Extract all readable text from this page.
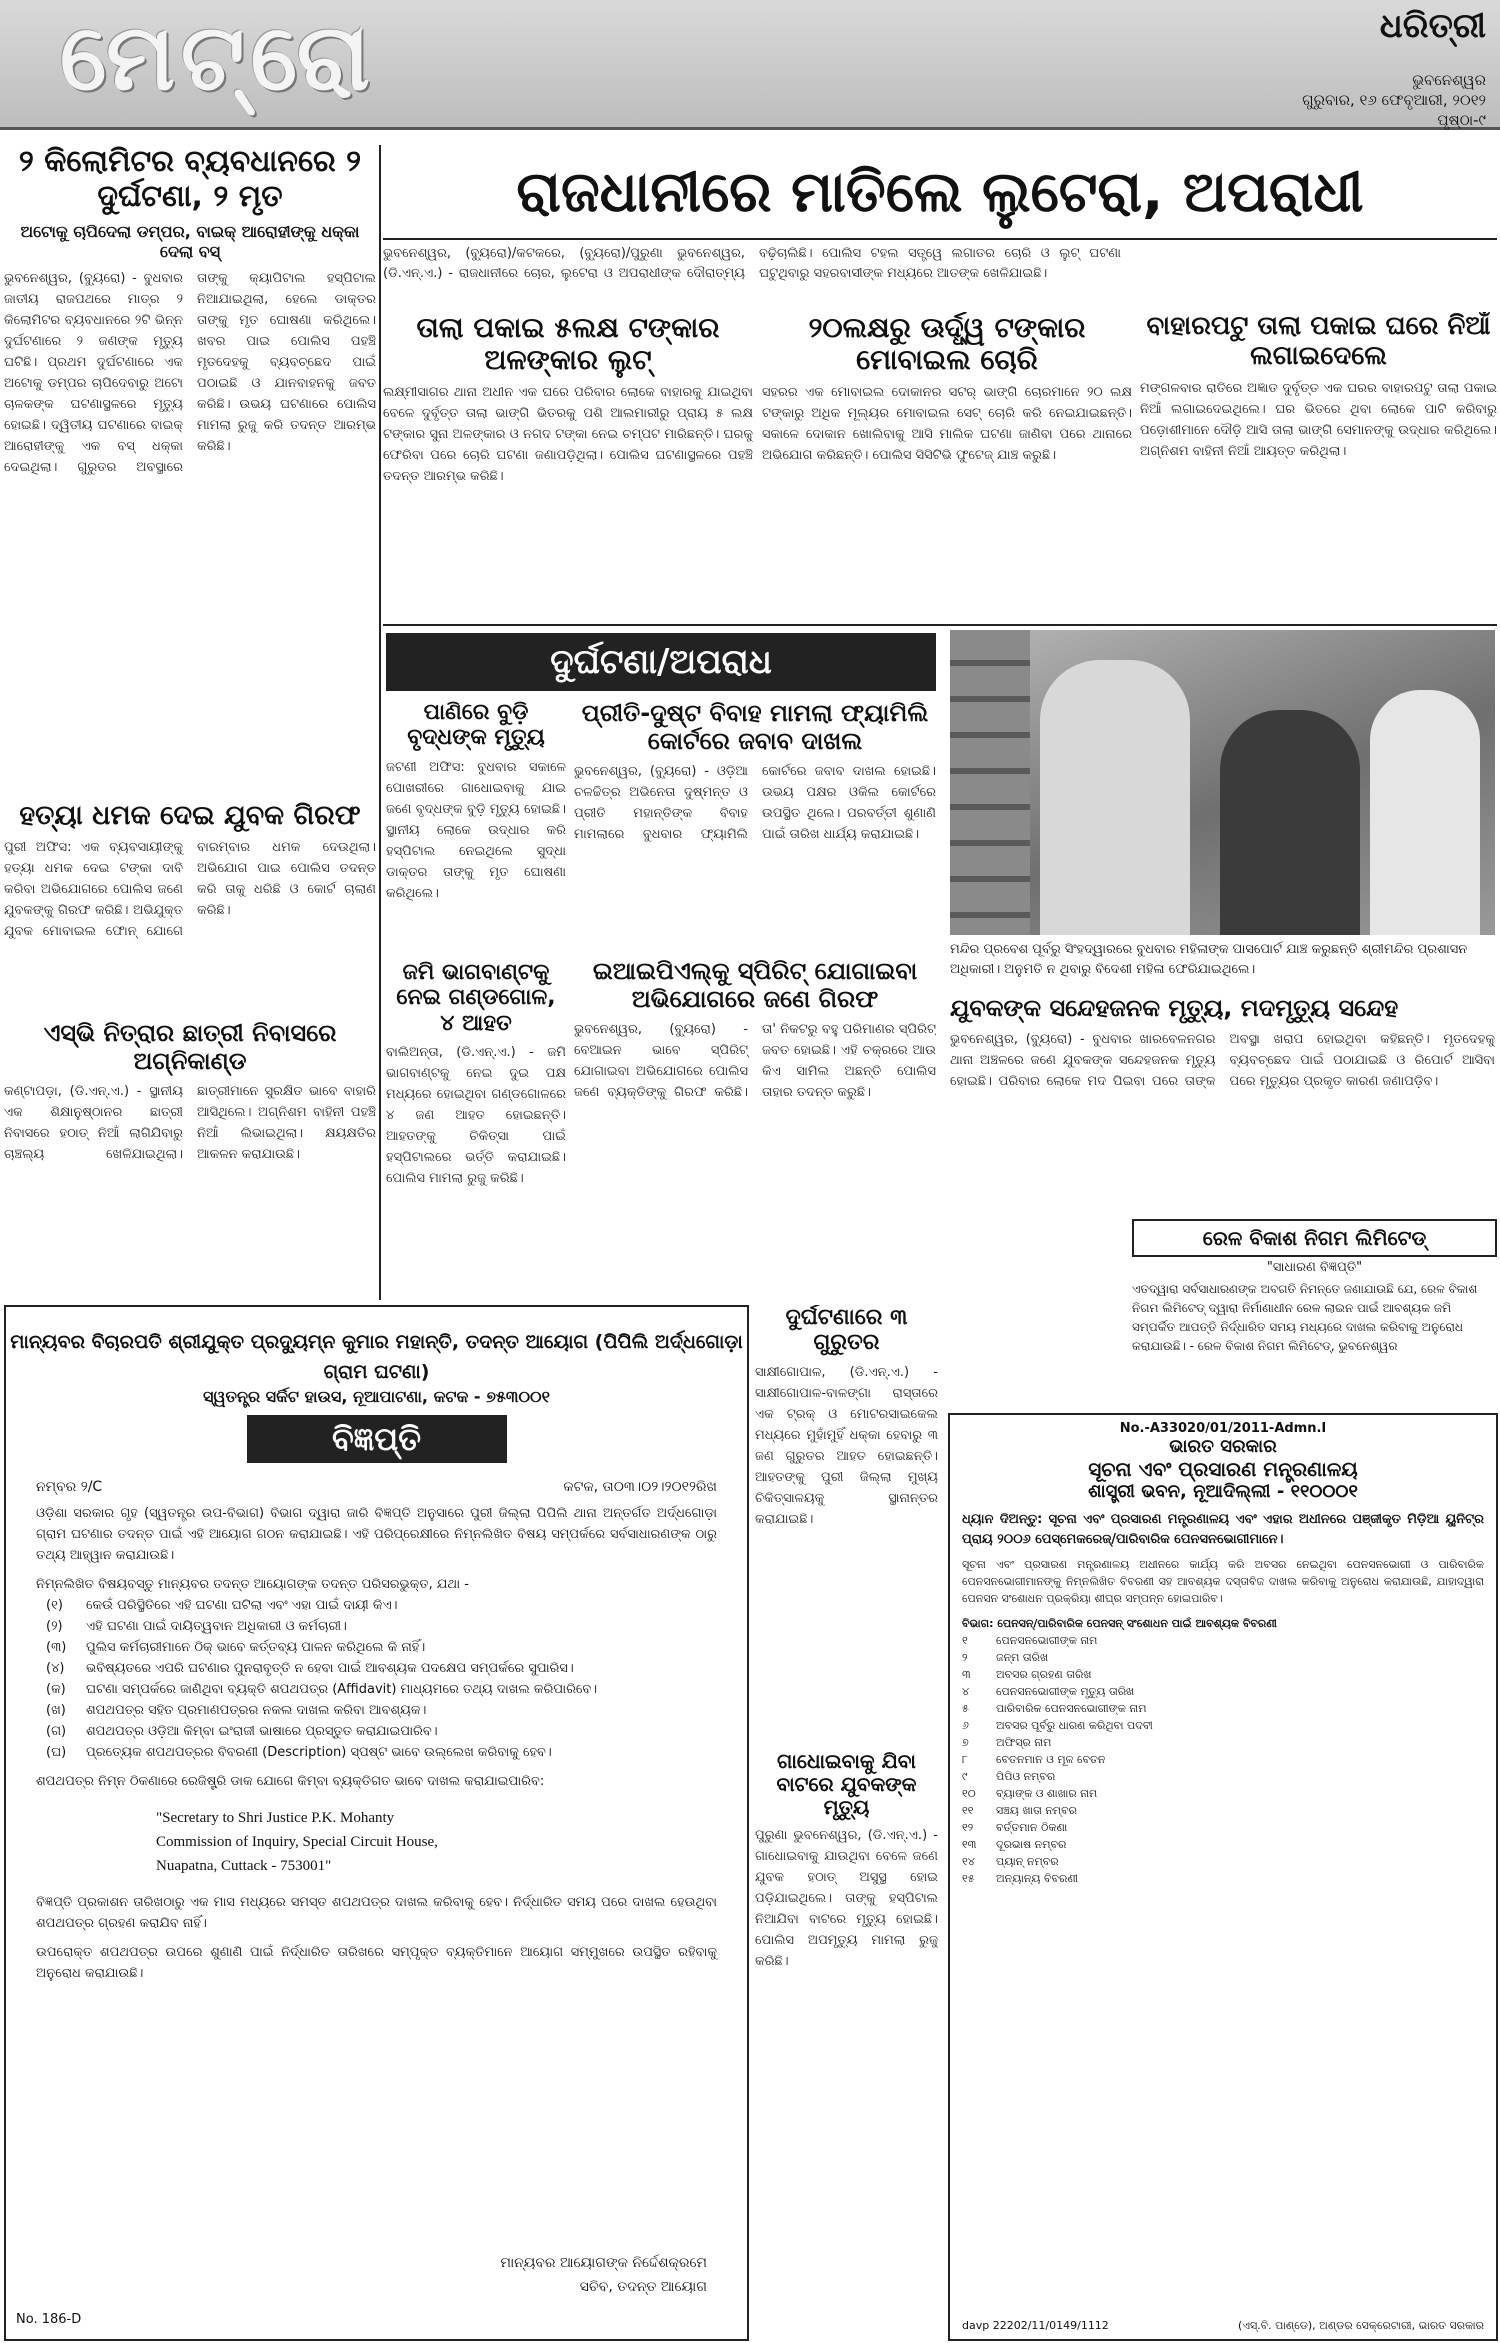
ମେଟ୍ରୋ	ଧରିତ୍ରୀ
ଭୁବନେଶ୍ୱର
ଗୁରୁବାର, ୧୬ ଫେବୃଆରୀ, ୨୦୧୨
ପୃଷ୍ଠା-୯
୨ କିଲୋମିଟର ବ୍ୟବଧାନରେ ୨ ଦୁର୍ଘଟଣା, ୨ ମୃତ
ଅଟୋକୁ ଚାପିଦେଲା ଡମ୍ପର, ବାଇକ୍ ଆରୋହୀଙ୍କୁ ଧକ୍କା ଦେଲା ବସ୍
ଭୁବନେଶ୍ୱର, (ବ୍ୟୁରୋ) - ବୁଧବାର ଜାତୀୟ ରାଜପଥରେ ମାତ୍ର ୨ କିଲୋମିଟର ବ୍ୟବଧାନରେ ୨ଟି ଭିନ୍ନ ଦୁର୍ଘଟଣାରେ ୨ ଜଣଙ୍କ ମୃତ୍ୟୁ ଘଟିଛି। ପ୍ରଥମ ଦୁର୍ଘଟଣାରେ ଏକ ଅଟୋକୁ ଡମ୍ପର ଚାପିଦେବାରୁ ଅଟୋ ଚାଳକଙ୍କ ଘଟଣାସ୍ଥଳରେ ମୃତ୍ୟୁ ହୋଇଛି। ଦ୍ୱିତୀୟ ଘଟଣାରେ ବାଇକ୍ ଆରୋହୀଙ୍କୁ ଏକ ବସ୍ ଧକ୍କା ଦେଇଥିଲା। ଗୁରୁତର ଅବସ୍ଥାରେ ତାଙ୍କୁ କ୍ୟାପିଟାଲ ହସ୍ପିଟାଲ ନିଆଯାଇଥିଲା, ହେଲେ ଡାକ୍ତର ତାଙ୍କୁ ମୃତ ଘୋଷଣା କରିଥିଲେ। ଖବର ପାଇ ପୋଲିସ ପହଞ୍ଚି ମୃତଦେହକୁ ବ୍ୟବଚ୍ଛେଦ ପାଇଁ ପଠାଇଛି ଓ ଯାନବାହନକୁ ଜବତ କରିଛି। ଉଭୟ ଘଟଣାରେ ପୋଲିସ ମାମଲା ରୁଜୁ କରି ତଦନ୍ତ ଆରମ୍ଭ କରିଛି।
ରାଜଧାନୀରେ ମାତିଲେ ଲୁଟେରା, ଅପରାଧୀ
ଭୁବନେଶ୍ୱର, (ବ୍ୟୁରୋ)/କଟକରେ, (ବ୍ୟୁରୋ)/ପୁରୁଣା ଭୁବନେଶ୍ୱର, (ଡି.ଏନ୍.ଏ.) - ରାଜଧାନୀରେ ଚୋର, ଲୁଟେରା ଓ ଅପରାଧୀଙ୍କ ଦୌରାତ୍ମ୍ୟ ବଢ଼ିଚାଲିଛି। ପୋଲିସ ଟହଲ ସତ୍ତ୍ୱେ ଲଗାତର ଚୋରି ଓ ଲୁଟ୍ ଘଟଣା ଘଟୁଥିବାରୁ ସହରବାସୀଙ୍କ ମଧ୍ୟରେ ଆତଙ୍କ ଖେଳିଯାଇଛି।
ତାଲା ପକାଇ ୫ଲକ୍ଷ ଟଙ୍କାର ଅଳଙ୍କାର ଲୁଟ୍
ଲକ୍ଷ୍ମୀସାଗର ଥାନା ଅଧୀନ ଏକ ଘରେ ପରିବାର ଲୋକେ ବାହାରକୁ ଯାଇଥିବା ବେଳେ ଦୁର୍ବୃତ୍ତ ତାଲା ଭାଙ୍ଗି ଭିତରକୁ ପଶି ଆଲମାରୀରୁ ପ୍ରାୟ ୫ ଲକ୍ଷ ଟଙ୍କାର ସୁନା ଅଳଙ୍କାର ଓ ନଗଦ ଟଙ୍କା ନେଇ ଚମ୍ପଟ ମାରିଛନ୍ତି। ଘରକୁ ଫେରିବା ପରେ ଚୋରି ଘଟଣା ଜଣାପଡ଼ିଥିଲା। ପୋଲିସ ଘଟଣାସ୍ଥଳରେ ପହଞ୍ଚି ତଦନ୍ତ ଆରମ୍ଭ କରିଛି।
୨୦ଲକ୍ଷରୁ ଊର୍ଦ୍ଧ୍ୱ ଟଙ୍କାର ମୋବାଇଲ ଚୋରି
ସହରର ଏକ ମୋବାଇଲ ଦୋକାନର ସଟର୍ ଭାଙ୍ଗି ଚୋରମାନେ ୨୦ ଲକ୍ଷ ଟଙ୍କାରୁ ଅଧିକ ମୂଲ୍ୟର ମୋବାଇଲ ସେଟ୍ ଚୋରି କରି ନେଇଯାଇଛନ୍ତି। ସକାଳେ ଦୋକାନ ଖୋଲିବାକୁ ଆସି ମାଲିକ ଘଟଣା ଜାଣିବା ପରେ ଥାନାରେ ଅଭିଯୋଗ କରିଛନ୍ତି। ପୋଲିସ ସିସିଟିଭି ଫୁଟେଜ୍ ଯାଞ୍ଚ କରୁଛି।
ବାହାରପଟୁ ତାଲା ପକାଇ ଘରେ ନିଆଁ ଲଗାଇଦେଲେ
ମଙ୍ଗଳବାର ରାତିରେ ଅଜ୍ଞାତ ଦୁର୍ବୃତ୍ତ ଏକ ଘରର ବାହାରପଟୁ ତାଲା ପକାଇ ନିଆଁ ଲଗାଇଦେଇଥିଲେ। ଘର ଭିତରେ ଥିବା ଲୋକେ ପାଟି କରିବାରୁ ପଡ଼ୋଶୀମାନେ ଦୌଡ଼ି ଆସି ତାଲା ଭାଙ୍ଗି ସେମାନଙ୍କୁ ଉଦ୍ଧାର କରିଥିଲେ। ଅଗ୍ନିଶମ ବାହିନୀ ନିଆଁ ଆୟତ୍ତ କରିଥିଲା।
ହତ୍ୟା ଧମକ ଦେଇ ଯୁବକ ଗିରଫ
ପୁରୀ ଅଫିସ: ଏକ ବ୍ୟବସାୟୀଙ୍କୁ ହତ୍ୟା ଧମକ ଦେଇ ଟଙ୍କା ଦାବି କରିବା ଅଭିଯୋଗରେ ପୋଲିସ ଜଣେ ଯୁବକଙ୍କୁ ଗିରଫ କରିଛି। ଅଭିଯୁକ୍ତ ଯୁବକ ମୋବାଇଲ ଫୋନ୍ ଯୋଗେ ବାରମ୍ବାର ଧମକ ଦେଉଥିଲା। ଅଭିଯୋଗ ପାଇ ପୋଲିସ ତଦନ୍ତ କରି ତାକୁ ଧରିଛି ଓ କୋର୍ଟ ଚାଲାଣ କରିଛି।
ଏସ୍‌ଭି ନିତ୍ରାର ଛାତ୍ରୀ ନିବାସରେ ଅଗ୍ନିକାଣ୍ଡ
କଣ୍ଟାପଡ଼ା, (ଡି.ଏନ୍.ଏ.) - ସ୍ଥାନୀୟ ଏକ ଶିକ୍ଷାନୁଷ୍ଠାନର ଛାତ୍ରୀ ନିବାସରେ ହଠାତ୍ ନିଆଁ ଲାଗିଯିବାରୁ ଚାଞ୍ଚଲ୍ୟ ଖେଳିଯାଇଥିଲା। ଛାତ୍ରୀମାନେ ସୁରକ୍ଷିତ ଭାବେ ବାହାରି ଆସିଥିଲେ। ଅଗ୍ନିଶମ ବାହିନୀ ପହଞ୍ଚି ନିଆଁ ଲିଭାଇଥିଲା। କ୍ଷୟକ୍ଷତିର ଆକଳନ କରାଯାଉଛି।
ଦୁର୍ଘଟଣା/ଅପରାଧ
ପାଣିରେ ବୁଡ଼ି ବୃଦ୍ଧଙ୍କ ମୃତ୍ୟୁ
ଜଟଣୀ ଅଫିସ: ବୁଧବାର ସକାଳେ ପୋଖରୀରେ ଗାଧୋଇବାକୁ ଯାଇ ଜଣେ ବୃଦ୍ଧଙ୍କ ବୁଡ଼ି ମୃତ୍ୟୁ ହୋଇଛି। ସ୍ଥାନୀୟ ଲୋକେ ଉଦ୍ଧାର କରି ହସ୍ପିଟାଲ ନେଇଥିଲେ ସୁଦ୍ଧା ଡାକ୍ତର ତାଙ୍କୁ ମୃତ ଘୋଷଣା କରିଥିଲେ।
ଜମି ଭାଗବାଣ୍ଟକୁ ନେଇ ଗଣ୍ଡଗୋଳ, ୪ ଆହତ
ବାଲିଅନ୍ତା, (ଡି.ଏନ୍.ଏ.) - ଜମି ଭାଗବାଣ୍ଟକୁ ନେଇ ଦୁଇ ପକ୍ଷ ମଧ୍ୟରେ ହୋଇଥିବା ଗଣ୍ଡଗୋଳରେ ୪ ଜଣ ଆହତ ହୋଇଛନ୍ତି। ଆହତଙ୍କୁ ଚିକିତ୍ସା ପାଇଁ ହସ୍ପିଟାଲରେ ଭର୍ତ୍ତି କରାଯାଇଛି। ପୋଲିସ ମାମଲା ରୁଜୁ କରିଛି।
ପ୍ରୀତି-ଦୁଷ୍ଟ ବିବାହ ମାମଲା ଫ୍ୟାମିଲି କୋର୍ଟରେ ଜବାବ ଦାଖଲ
ଭୁବନେଶ୍ୱର, (ବ୍ୟୁରୋ) - ଓଡ଼ିଆ ଚଳଚ୍ଚିତ୍ର ଅଭିନେତା ଦୁଷ୍ମନ୍ତ ଓ ପ୍ରୀତି ମହାନ୍ତିଙ୍କ ବିବାହ ମାମଲାରେ ବୁଧବାର ଫ୍ୟାମିଲି କୋର୍ଟରେ ଜବାବ ଦାଖଲ ହୋଇଛି। ଉଭୟ ପକ୍ଷର ଓକିଲ କୋର୍ଟରେ ଉପସ୍ଥିତ ଥିଲେ। ପରବର୍ତ୍ତୀ ଶୁଣାଣି ପାଇଁ ତାରିଖ ଧାର୍ଯ୍ୟ କରାଯାଇଛି।
ଇଆଇପିଏଲ୍‌କୁ ସ୍ପିରିଟ୍ ଯୋଗାଇବା ଅଭିଯୋଗରେ ଜଣେ ଗିରଫ
ଭୁବନେଶ୍ୱର, (ବ୍ୟୁରୋ) - ବେଆଇନ ଭାବେ ସ୍ପିରିଟ୍ ଯୋଗାଇବା ଅଭିଯୋଗରେ ପୋଲିସ ଜଣେ ବ୍ୟକ୍ତିଙ୍କୁ ଗିରଫ କରିଛି। ତା' ନିକଟରୁ ବହୁ ପରିମାଣର ସ୍ପିରିଟ୍ ଜବତ ହୋଇଛି। ଏହି ଚକ୍ରରେ ଆଉ କିଏ ସାମିଲ ଅଛନ୍ତି ପୋଲିସ ତାହାର ତଦନ୍ତ କରୁଛି।
ମନ୍ଦିର ପ୍ରବେଶ ପୂର୍ବରୁ ସିଂହଦ୍ୱାରରେ ବୁଧବାର ମହିଳାଙ୍କ ପାସପୋର୍ଟ ଯାଞ୍ଚ କରୁଛନ୍ତି ଶ୍ରୀମନ୍ଦିର ପ୍ରଶାସନ ଅଧିକାରୀ। ଅନୁମତି ନ ଥିବାରୁ ବିଦେଶୀ ମହିଳା ଫେରିଯାଇଥିଲେ।
ଯୁବକଙ୍କ ସନ୍ଦେହଜନକ ମୃତ୍ୟୁ, ମଦମୃତ୍ୟୁ ସନ୍ଦେହ
ଭୁବନେଶ୍ୱର, (ବ୍ୟୁରୋ) - ବୁଧବାର ଖାରବେଳନଗର ଥାନା ଅଞ୍ଚଳରେ ଜଣେ ଯୁବକଙ୍କ ସନ୍ଦେହଜନକ ମୃତ୍ୟୁ ହୋଇଛି। ପରିବାର ଲୋକେ ମଦ ପିଇବା ପରେ ତାଙ୍କ ଅବସ୍ଥା ଖରାପ ହୋଇଥିବା କହିଛନ୍ତି। ମୃତଦେହକୁ ବ୍ୟବଚ୍ଛେଦ ପାଇଁ ପଠାଯାଇଛି ଓ ରିପୋର୍ଟ ଆସିବା ପରେ ମୃତ୍ୟୁର ପ୍ରକୃତ କାରଣ ଜଣାପଡ଼ିବ।
ଦୁର୍ଘଟଣାରେ ୩ ଗୁରୁତର
ସାକ୍ଷୀଗୋପାଳ, (ଡି.ଏନ୍.ଏ.) - ସାକ୍ଷୀଗୋପାଳ-ବାଳଙ୍ଗା ରାସ୍ତାରେ ଏକ ଟ୍ରକ୍ ଓ ମୋଟରସାଇକେଲ ମଧ୍ୟରେ ମୁହାଁମୁହିଁ ଧକ୍କା ହେବାରୁ ୩ ଜଣ ଗୁରୁତର ଆହତ ହୋଇଛନ୍ତି। ଆହତଙ୍କୁ ପୁରୀ ଜିଲ୍ଲା ମୁଖ୍ୟ ଚିକିତ୍ସାଳୟକୁ ସ୍ଥାନାନ୍ତର କରାଯାଇଛି।
ଗାଧୋଇବାକୁ ଯିବା ବାଟରେ ଯୁବକଙ୍କ ମୃତ୍ୟୁ
ପୁରୁଣା ଭୁବନେଶ୍ୱର, (ଡି.ଏନ୍.ଏ.) - ଗାଧୋଇବାକୁ ଯାଉଥିବା ବେଳେ ଜଣେ ଯୁବକ ହଠାତ୍ ଅସୁସ୍ଥ ହୋଇ ପଡ଼ିଯାଇଥିଲେ। ତାଙ୍କୁ ହସ୍ପିଟାଲ ନିଆଯିବା ବାଟରେ ମୃତ୍ୟୁ ହୋଇଛି। ପୋଲିସ ଅପମୃତ୍ୟୁ ମାମଲା ରୁଜୁ କରିଛି।
ରେଳ ବିକାଶ ନିଗମ ଲିମିଟେଡ୍
"ସାଧାରଣ ବିଜ୍ଞପ୍ତି"
ଏତଦ୍ୱାରା ସର୍ବସାଧାରଣଙ୍କ ଅବଗତି ନିମନ୍ତେ ଜଣାଯାଉଛି ଯେ, ରେଳ ବିକାଶ ନିଗମ ଲିମିଟେଡ୍ ଦ୍ୱାରା ନିର୍ମାଣାଧୀନ ରେଳ ଲାଇନ ପାଇଁ ଆବଶ୍ୟକ ଜମି ସମ୍ପର୍କିତ ଆପତ୍ତି ନିର୍ଦ୍ଧାରିତ ସମୟ ମଧ୍ୟରେ ଦାଖଲ କରିବାକୁ ଅନୁରୋଧ କରାଯାଉଛି। - ରେଳ ବିକାଶ ନିଗମ ଲିମିଟେଡ୍, ଭୁବନେଶ୍ୱର
ମାନ୍ୟବର ବିଚାରପତି ଶ୍ରୀଯୁକ୍ତ ପ୍ରଦ୍ୟୁମ୍ନ କୁମାର ମହାନ୍ତି, ତଦନ୍ତ ଆୟୋଗ (ପିପିଲି ଅର୍ଦ୍ଧଗୋଡ଼ା ଗ୍ରାମ ଘଟଣା)
ସ୍ୱତନ୍ତ୍ର ସର୍କିଟ ହାଉସ, ନୂଆପାଟଣା, କଟକ - ୭୫୩୦୦୧
ବିଜ୍ଞପ୍ତି
ନମ୍ବର ୨/C	କଟକ, ତା୦୩।୦୨।୨୦୧୨ରିଖ
ଓଡ଼ିଶା ସରକାର ଗୃହ (ସ୍ୱତନ୍ତ୍ର ଉପ-ବିଭାଗ) ବିଭାଗ ଦ୍ୱାରା ଜାରି ବିଜ୍ଞପ୍ତି ଅନୁସାରେ ପୁରୀ ଜିଲ୍ଲା ପିପିଲି ଥାନା ଅନ୍ତର୍ଗତ ଅର୍ଦ୍ଧଗୋଡ଼ା ଗ୍ରାମ ଘଟଣାର ତଦନ୍ତ ପାଇଁ ଏହି ଆୟୋଗ ଗଠନ କରାଯାଇଛି। ଏହି ପରିପ୍ରେକ୍ଷୀରେ ନିମ୍ନଲିଖିତ ବିଷୟ ସମ୍ପର୍କରେ ସର୍ବସାଧାରଣଙ୍କ ଠାରୁ ତଥ୍ୟ ଆହ୍ୱାନ କରାଯାଉଛି।
ନିମ୍ନଲିଖିତ ବିଷୟବସ୍ତୁ ମାନ୍ୟବର ତଦନ୍ତ ଆୟୋଗଙ୍କ ତଦନ୍ତ ପରିସରଭୁକ୍ତ, ଯଥା -
(୧) କେଉଁ ପରିସ୍ଥିତିରେ ଏହି ଘଟଣା ଘଟିଲା ଏବଂ ଏହା ପାଇଁ ଦାୟୀ କିଏ।
(୨) ଏହି ଘଟଣା ପାଇଁ ଦାୟିତ୍ୱବାନ ଅଧିକାରୀ ଓ କର୍ମଚାରୀ।
(୩) ପୁଲିସ କର୍ମଚାରୀମାନେ ଠିକ୍ ଭାବେ କର୍ତ୍ତବ୍ୟ ପାଳନ କରିଥିଲେ କି ନାହିଁ।
(୪) ଭବିଷ୍ୟତରେ ଏପରି ଘଟଣାର ପୁନରାବୃତ୍ତି ନ ହେବା ପାଇଁ ଆବଶ୍ୟକ ପଦକ୍ଷେପ ସମ୍ପର୍କରେ ସୁପାରିସ।
(କ) ଘଟଣା ସମ୍ପର୍କରେ ଜାଣିଥିବା ବ୍ୟକ୍ତି ଶପଥପତ୍ର (Affidavit) ମାଧ୍ୟମରେ ତଥ୍ୟ ଦାଖଲ କରିପାରିବେ।
(ଖ) ଶପଥପତ୍ର ସହିତ ପ୍ରମାଣପତ୍ରର ନକଲ ଦାଖଲ କରିବା ଆବଶ୍ୟକ।
(ଗ) ଶପଥପତ୍ର ଓଡ଼ିଆ କିମ୍ବା ଇଂରାଜୀ ଭାଷାରେ ପ୍ରସ୍ତୁତ କରାଯାଇପାରିବ।
(ଘ) ପ୍ରତ୍ୟେକ ଶପଥପତ୍ରର ବିବରଣୀ (Description) ସ୍ପଷ୍ଟ ଭାବେ ଉଲ୍ଲେଖ କରିବାକୁ ହେବ।
ଶପଥପତ୍ର ନିମ୍ନ ଠିକଣାରେ ରେଜିଷ୍ଟ୍ରି ଡାକ ଯୋଗେ କିମ୍ବା ବ୍ୟକ୍ତିଗତ ଭାବେ ଦାଖଲ କରାଯାଇପାରିବ:
"Secretary to Shri Justice P.K. Mohanty
Commission of Inquiry, Special Circuit House,
Nuapatna, Cuttack - 753001"
ବିଜ୍ଞପ୍ତି ପ୍ରକାଶନ ତାରିଖଠାରୁ ଏକ ମାସ ମଧ୍ୟରେ ସମସ୍ତ ଶପଥପତ୍ର ଦାଖଲ କରିବାକୁ ହେବ। ନିର୍ଦ୍ଧାରିତ ସମୟ ପରେ ଦାଖଲ ହେଉଥିବା ଶପଥପତ୍ର ଗ୍ରହଣ କରାଯିବ ନାହିଁ।
ଉପରୋକ୍ତ ଶପଥପତ୍ର ଉପରେ ଶୁଣାଣି ପାଇଁ ନିର୍ଦ୍ଧାରିତ ତାରିଖରେ ସମ୍ପୃକ୍ତ ବ୍ୟକ୍ତିମାନେ ଆୟୋଗ ସମ୍ମୁଖରେ ଉପସ୍ଥିତ ରହିବାକୁ ଅନୁରୋଧ କରାଯାଉଛି।
ମାନ୍ୟବର ଆୟୋଗଙ୍କ ନିର୍ଦ୍ଦେଶକ୍ରମେ
ସଚିବ, ତଦନ୍ତ ଆୟୋଗ
No. 186-D
No.-A33020/01/2011-Admn.I
ଭାରତ ସରକାର
ସୂଚନା ଏବଂ ପ୍ରସାରଣ ମନ୍ତ୍ରଣାଳୟ
ଶାସ୍ତ୍ରୀ ଭବନ, ନୂଆଦିଲ୍ଲୀ - ୧୧୦୦୦୧
ଧ୍ୟାନ ଦିଅନ୍ତୁ: ସୂଚନା ଏବଂ ପ୍ରସାରଣ ମନ୍ତ୍ରଣାଳୟ ଏବଂ ଏହାର ଅଧୀନରେ ପଞ୍ଜୀକୃତ ମିଡ଼ିଆ ୟୁନିଟ୍‌ର ପ୍ରାୟ ୨୦୦୬ ପେସ୍‌ମେକରେଜ୍/ପାରିବାରିକ ପେନସନଭୋଗୀମାନେ।
ସୂଚନା ଏବଂ ପ୍ରସାରଣ ମନ୍ତ୍ରଣାଳୟ ଅଧୀନରେ କାର୍ଯ୍ୟ କରି ଅବସର ନେଇଥିବା ପେନସନଭୋଗୀ ଓ ପାରିବାରିକ ପେନସନଭୋଗୀମାନଙ୍କୁ ନିମ୍ନଲିଖିତ ବିବରଣୀ ସହ ଆବଶ୍ୟକ ଦସ୍ତାବିଜ ଦାଖଲ କରିବାକୁ ଅନୁରୋଧ କରାଯାଉଛି, ଯାହାଦ୍ୱାରା ପେନସନ ସଂଶୋଧନ ପ୍ରକ୍ରିୟା ଶୀଘ୍ର ସମ୍ପନ୍ନ ହୋଇପାରିବ।
ବିଭାଗ: ପେନସନ୍/ପାରିବାରିକ ପେନସନ୍ ସଂଶୋଧନ ପାଇଁ ଆବଶ୍ୟକ ବିବରଣୀ
୧	ପେନସନଭୋଗୀଙ୍କ ନାମ
୨	ଜନ୍ମ ତାରିଖ
୩	ଅବସର ଗ୍ରହଣ ତାରିଖ
୪	ପେନସନଭୋଗୀଙ୍କ ମୃତ୍ୟୁ ତାରିଖ
୫	ପାରିବାରିକ ପେନସନଭୋଗୀଙ୍କ ନାମ
୬	ଅବସର ପୂର୍ବରୁ ଧାରଣ କରିଥିବା ପଦବୀ
୭	ଅଫିସ୍‌ର ନାମ
୮	ବେତନମାନ ଓ ମୂଳ ବେତନ
୯	ପିପିଓ ନମ୍ବର
୧୦	ବ୍ୟାଙ୍କ ଓ ଶାଖାର ନାମ
୧୧	ସଞ୍ଚୟ ଖାତା ନମ୍ବର
୧୨	ବର୍ତ୍ତମାନ ଠିକଣା
୧୩	ଦୂରଭାଷ ନମ୍ବର
୧୪	ପ୍ୟାନ୍ ନମ୍ବର
୧୫	ଅନ୍ୟାନ୍ୟ ବିବରଣୀ
davp 22202/11/0149/1112	(ଏସ୍.ବି. ପାଣ୍ଡେ), ଅଣ୍ଡର ସେକ୍ରେଟାରୀ, ଭାରତ ସରକାର
